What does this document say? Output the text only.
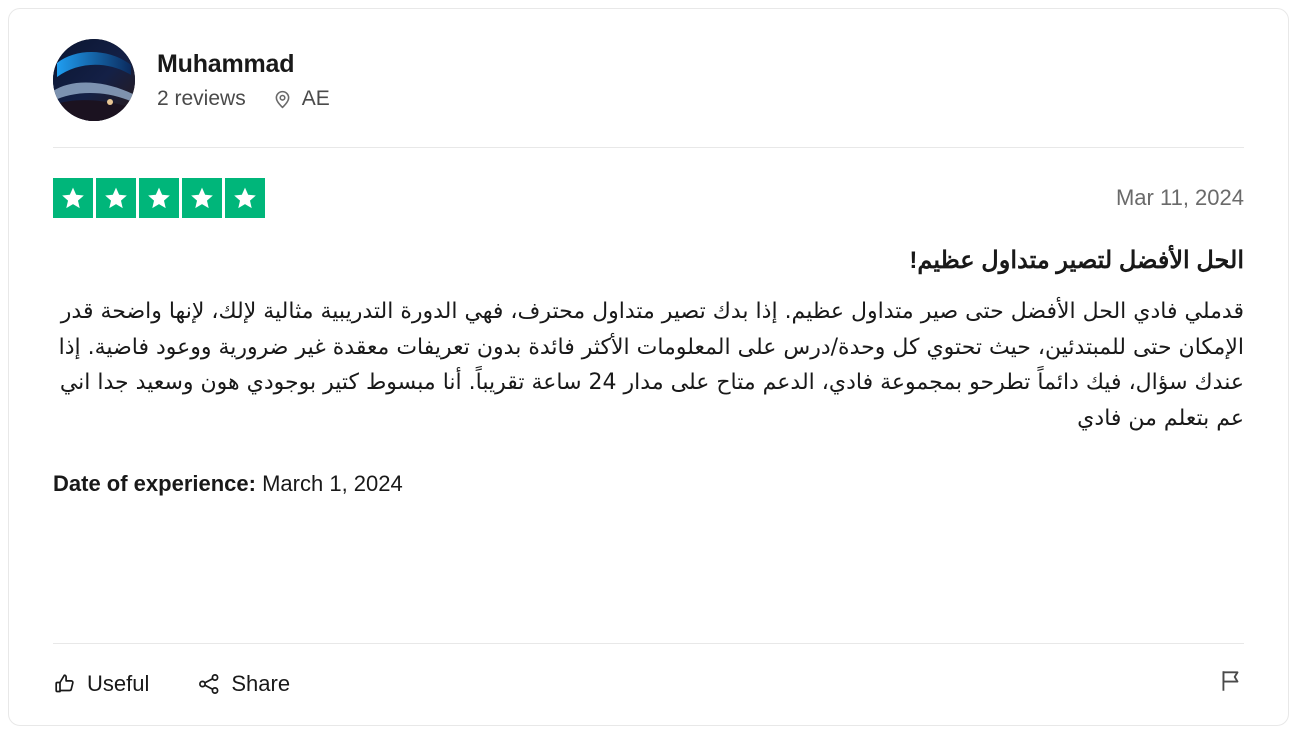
Muhammad
2 reviews	AE
Mar 11, 2024
الحل الأفضل لتصير متداول عظيم!
قدملي فادي الحل الأفضل حتى صير متداول عظيم. إذا بدك تصير متداول محترف، فهي الدورة التدريبية مثالية لإلك، لإنها واضحة قدر الإمكان حتى للمبتدئين، حيث تحتوي كل وحدة/درس على المعلومات الأكثر فائدة بدون تعريفات معقدة غير ضرورية ووعود فاضية. إذا عندك سؤال، فيك دائماً تطرحو بمجموعة فادي، الدعم متاح على مدار 24 ساعة تقريباً. أنا مبسوط كتير بوجودي هون وسعيد جدا اني عم بتعلم من فادي
Date of experience: March 1, 2024
Useful	Share
